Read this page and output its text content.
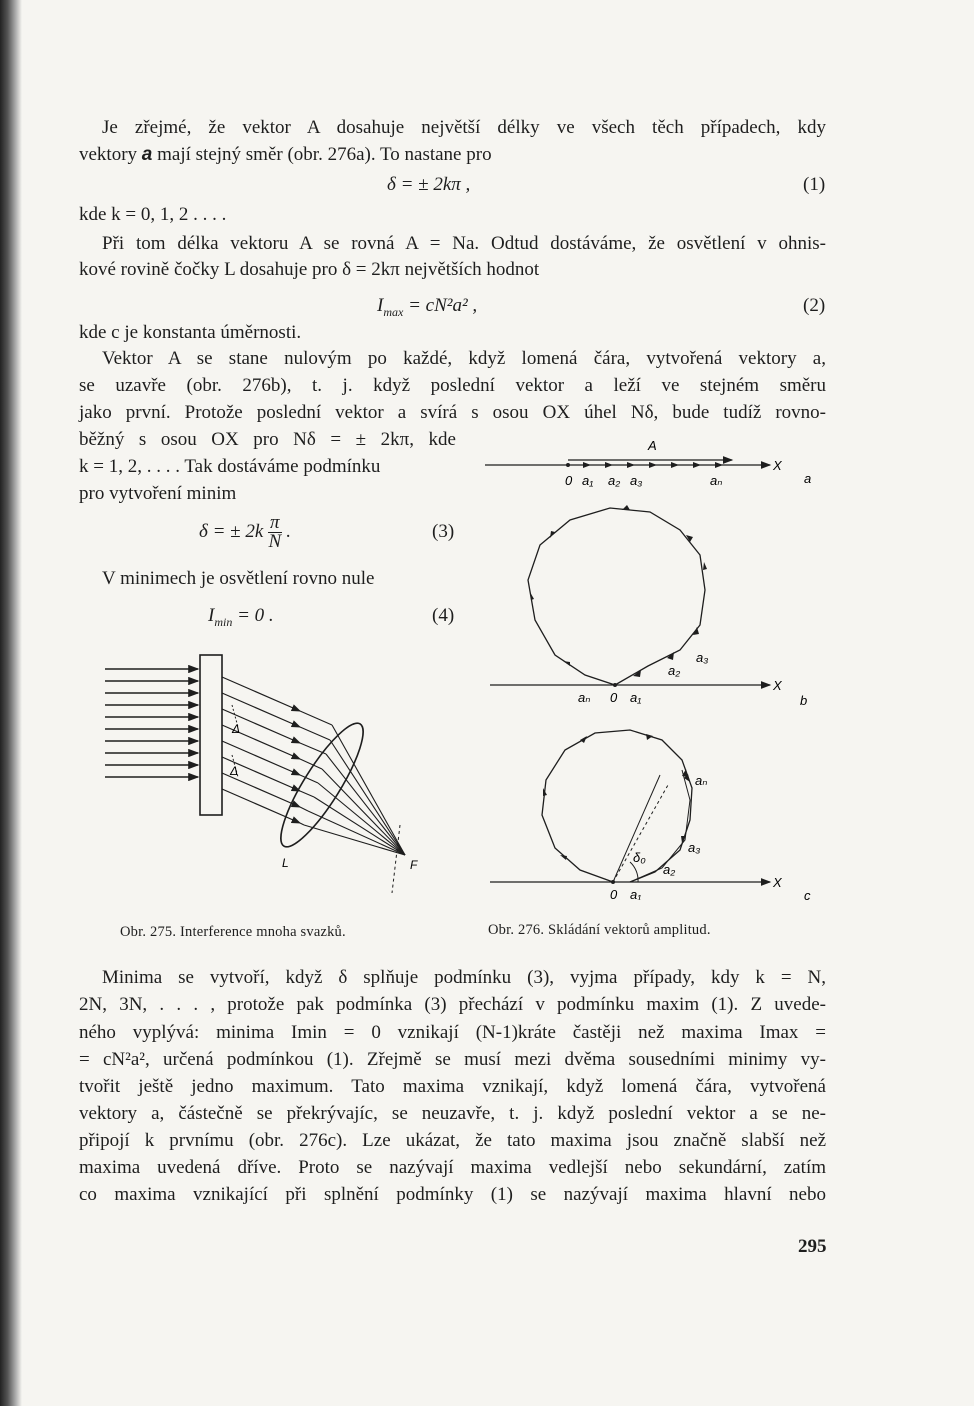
Je zřejmé, že vektor A dosahuje největší délky ve všech těch případech, kdy
vektory a mají stejný směr (obr. 276a). To nastane pro
δ = ± 2kπ ,	(1)
kde k = 0, 1, 2 . . . .
Při tom délka vektoru A se rovná A = Na. Odtud dostáváme, že osvětlení v ohnis-
kové rovině čočky L dosahuje pro δ = 2kπ největších hodnot
$I_{max} = cN^2a^2$ ,	(2)
kde c je konstanta úměrnosti.
Vektor A se stane nulovým po každé, když lomená čára, vytvořená vektory a,
se uzavře (obr. 276b), t. j. když poslední vektor a leží ve stejném směru
jako první. Protože poslední vektor a svírá s osou OX úhel Nδ, bude tudíž rovno-
běžný s osou OX pro Nδ = ± 2kπ, kde
k = 1, 2, . . . . Tak dostáváme podmínku
pro vytvoření minim
δ = ± $2k \frac{\pi}{N}$ .	(3)
V minimech je osvětlení rovno nule
$I_{min} = 0$ .	(4)
Δ
Δ
L	F
A
X
0 a₁ a₂ a₃	aₙ	a
X
aₙ 0 a₁
a₂
a₃
b
X
0 a₁
a₂
a₃
aₙ
δ₀
c
Obr. 275. Interference mnoha svazků.	Obr. 276. Skládání vektorů amplitud.
Minima se vytvoří, když δ splňuje podmínku (3), vyjma případy, kdy k = N,
2N, 3N, . . . , protože pak podmínka (3) přechází v podmínku maxim (1). Z uvede-
ného vyplývá: minima Imin = 0 vznikají (N-1)kráte častěji než maxima Imax =
= cN²a², určená podmínkou (1). Zřejmě se musí mezi dvěma sousedními minimy vy-
tvořit ještě jedno maximum. Tato maxima vznikají, když lomená čára, vytvořená
vektory a, částečně se překrývajíc, se neuzavře, t. j. když poslední vektor a se ne-
připojí k prvnímu (obr. 276c). Lze ukázat, že tato maxima jsou značně slabší než
maxima uvedená dříve. Proto se nazývají maxima vedlejší nebo sekundární, zatím
co maxima vznikající při splnění podmínky (1) se nazývají maxima hlavní nebo
295
